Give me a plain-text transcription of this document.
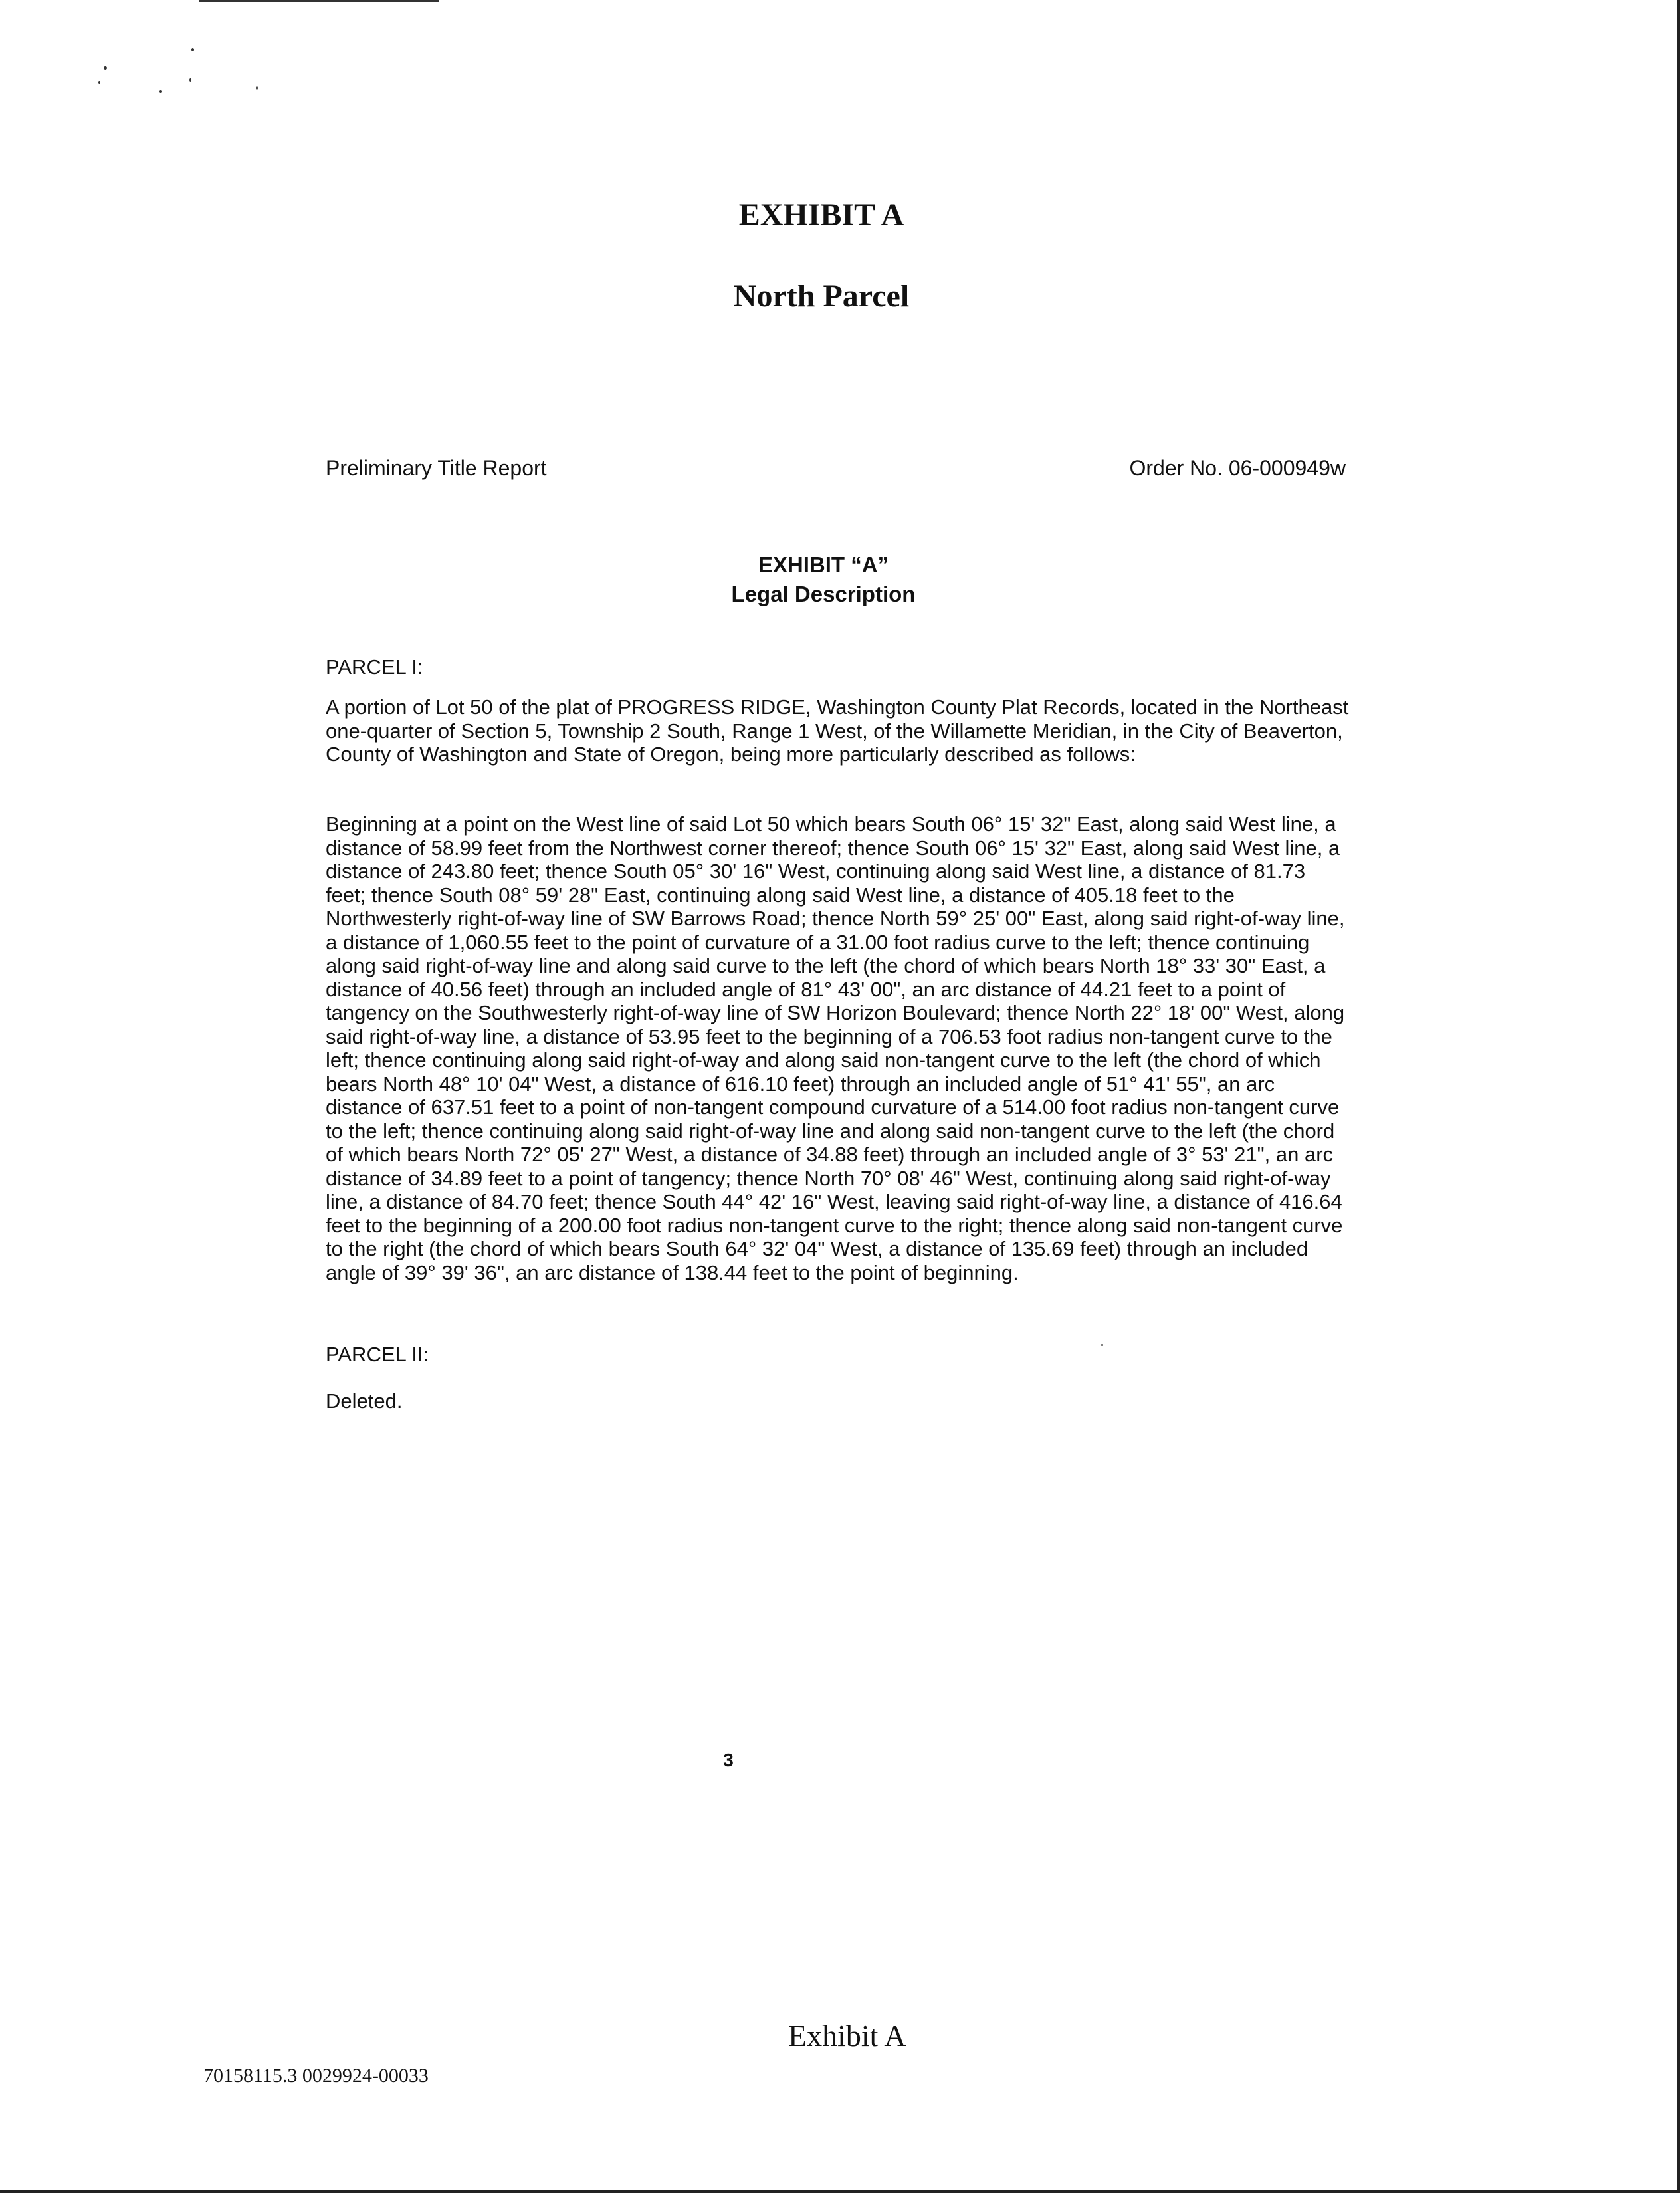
EXHIBIT A
North Parcel
Preliminary Title Report	Order No. 06-000949w
EXHIBIT “A”
Legal Description
PARCEL I:
A portion of Lot 50 of the plat of PROGRESS RIDGE, Washington County Plat Records, located in the Northeast one-quarter of Section 5, Township 2 South, Range 1 West, of the Willamette Meridian, in the City of Beaverton, County of Washington and State of Oregon, being more particularly described as follows:
Beginning at a point on the West line of said Lot 50 which bears South 06° 15' 32" East, along said West line, a distance of 58.99 feet from the Northwest corner thereof; thence South 06° 15' 32" East, along said West line, a distance of 243.80 feet; thence South 05° 30' 16" West, continuing along said West line, a distance of 81.73 feet; thence South 08° 59' 28" East, continuing along said West line, a distance of 405.18 feet to the Northwesterly right-of-way line of SW Barrows Road; thence North 59° 25' 00" East, along said right-of-way line, a distance of 1,060.55 feet to the point of curvature of a 31.00 foot radius curve to the left; thence continuing along said right-of-way line and along said curve to the left (the chord of which bears North 18° 33' 30" East, a distance of 40.56 feet) through an included angle of 81° 43' 00", an arc distance of 44.21 feet to a point of tangency on the Southwesterly right-of-way line of SW Horizon Boulevard; thence North 22° 18' 00" West, along said right-of-way line, a distance of 53.95 feet to the beginning of a 706.53 foot radius non-tangent curve to the left; thence continuing along said right-of-way and along said non-tangent curve to the left (the chord of which bears North 48° 10' 04" West, a distance of 616.10 feet) through an included angle of 51° 41' 55", an arc distance of 637.51 feet to a point of non-tangent compound curvature of a 514.00 foot radius non-tangent curve to the left; thence continuing along said right-of-way line and along said non-tangent curve to the left (the chord of which bears North 72° 05' 27" West, a distance of 34.88 feet) through an included angle of 3° 53' 21", an arc distance of 34.89 feet to a point of tangency; thence North 70° 08' 46" West, continuing along said right-of-way line, a distance of 84.70 feet; thence South 44° 42' 16" West, leaving said right-of-way line, a distance of 416.64 feet to the beginning of a 200.00 foot radius non-tangent curve to the right; thence along said non-tangent curve to the right (the chord of which bears South 64° 32' 04" West, a distance of 135.69 feet) through an included angle of 39° 39' 36", an arc distance of 138.44 feet to the point of beginning.
PARCEL II:
Deleted.
3
Exhibit A
70158115.3 0029924-00033
